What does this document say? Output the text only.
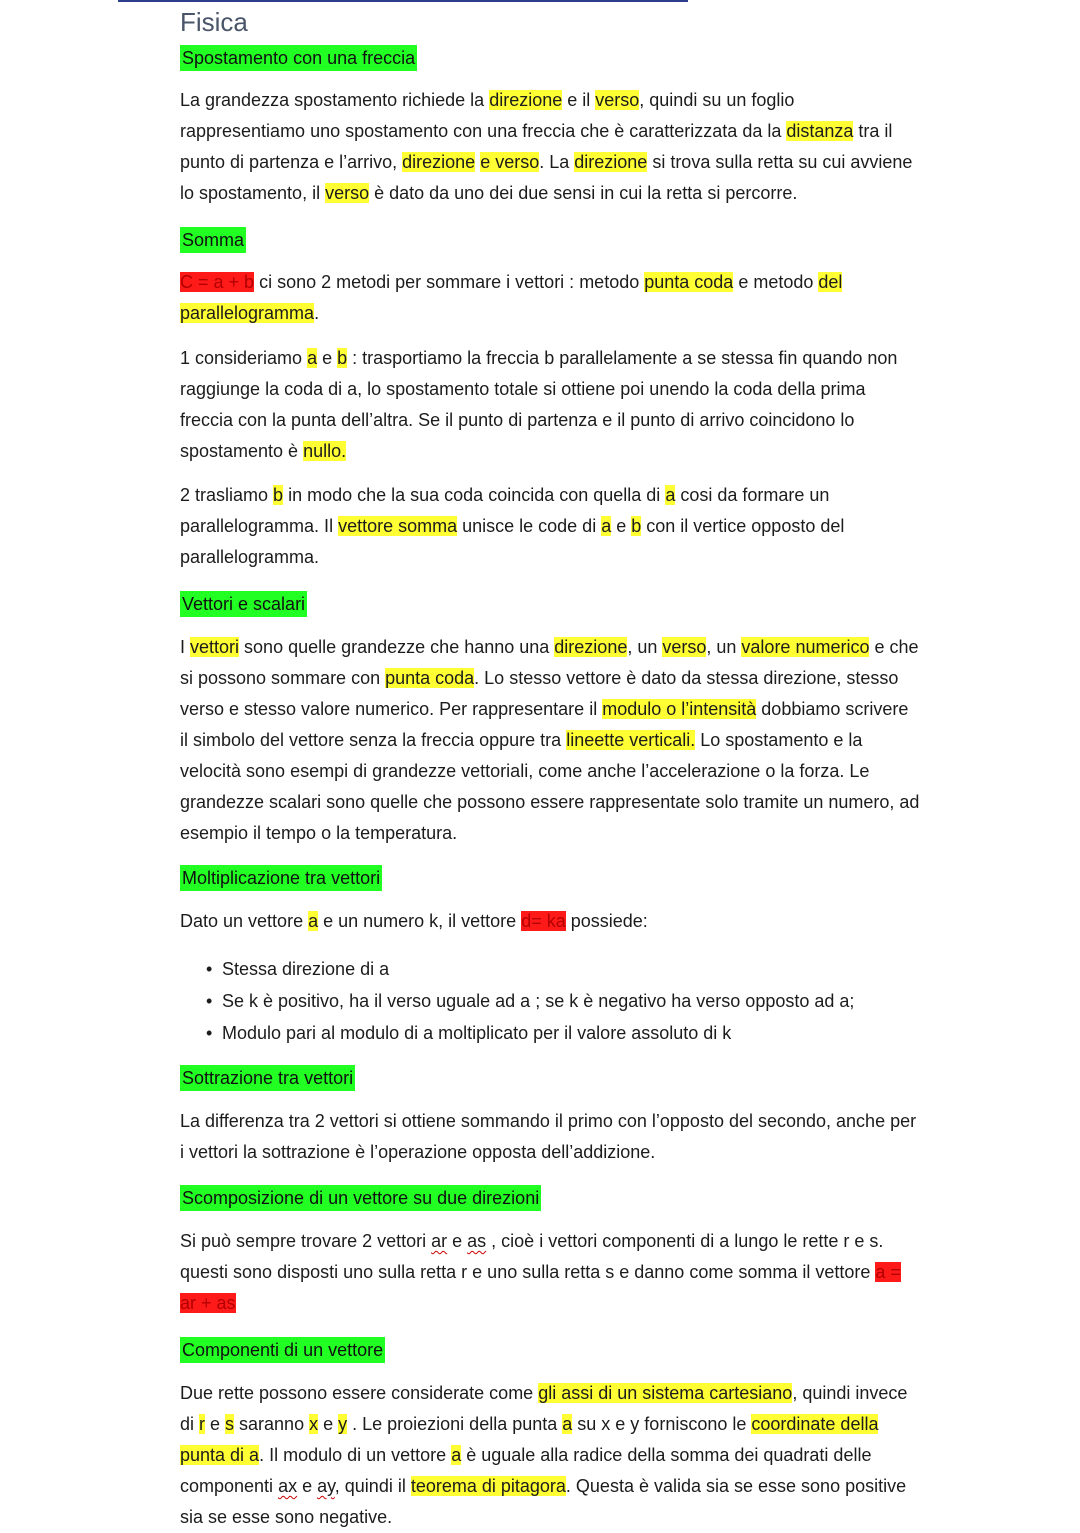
Fisica
Spostamento con una freccia

La grandezza spostamento richiede la direzione e il verso, quindi su un foglio rappresentiamo uno spostamento con una freccia che è caratterizzata da la distanza tra il punto di partenza e l’arrivo, direzione e verso. La direzione si trova sulla retta su cui avviene lo spostamento, il verso è dato da uno dei due sensi in cui la retta si percorre.

Somma

C = a + b ci sono 2 metodi per sommare i vettori : metodo punta coda e metodo del parallelogramma.

1 consideriamo a e b : trasportiamo la freccia b parallelamente a se stessa fin quando non raggiunge la coda di a, lo spostamento totale si ottiene poi unendo la coda della prima freccia con la punta dell’altra. Se il punto di partenza e il punto di arrivo coincidono lo spostamento è nullo.

2 trasliamo b in modo che la sua coda coincida con quella di a cosi da formare un parallelogramma. Il vettore somma unisce le code di a e b con il vertice opposto del parallelogramma.

Vettori e scalari

I vettori sono quelle grandezze che hanno una direzione, un verso, un valore numerico e che si possono sommare con punta coda. Lo stesso vettore è dato da stessa direzione, stesso verso e stesso valore numerico. Per rappresentare il modulo o l’intensità dobbiamo scrivere il simbolo del vettore senza la freccia oppure tra lineette verticali. Lo spostamento e la velocità sono esempi di grandezze vettoriali, come anche l’accelerazione o la forza. Le grandezze scalari sono quelle che possono essere rappresentate solo tramite un numero, ad esempio il tempo o la temperatura.

Moltiplicazione tra vettori

Dato un vettore a e un numero k, il vettore d= ka possiede:

• Stessa direzione di a
• Se k è positivo, ha il verso uguale ad a ; se k è negativo ha verso opposto ad a;
• Modulo pari al modulo di a moltiplicato per il valore assoluto di k
Sottrazione tra vettori

La differenza tra 2 vettori si ottiene sommando il primo con l’opposto del secondo, anche per i vettori la sottrazione è l’operazione opposta dell’addizione.

Scomposizione di un vettore su due direzioni

Si può sempre trovare 2 vettori ar e as , cioè i vettori componenti di a lungo le rette r e s. questi sono disposti uno sulla retta r e uno sulla retta s e danno come somma il vettore a = ar + as

Componenti di un vettore

Due rette possono essere considerate come gli assi di un sistema cartesiano, quindi invece di r e s saranno x e y . Le proiezioni della punta a su x e y forniscono le coordinate della punta di a. Il modulo di un vettore a è uguale alla radice della somma dei quadrati delle componenti ax e ay, quindi il teorema di pitagora. Questa è valida sia se esse sono positive sia se esse sono negative.
